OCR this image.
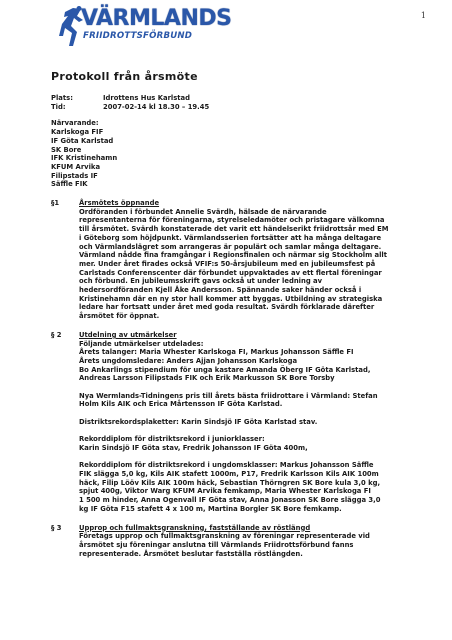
1
VÄRMLANDS
FRIIDROTTSFÖRBUND
Protokoll från årsmöte
Plats:	Idrottens Hus Karlstad
Tid:	2007-02-14 kl 18.30 – 19.45
Närvarande:
Karlskoga FIF
IF Göta Karlstad
SK Bore
IFK Kristinehamn
KFUM Arvika
Filipstads IF
Säffle FIK
§1	Årsmötets öppnande
Ordföranden i förbundet Annelie Svärdh, hälsade de närvarande
representanterna för föreningarna, styrelseledamöter och pristagare välkomna
till årsmötet. Svärdh konstaterade det varit ett händelserikt friidrottsår med EM
i Göteborg som höjdpunkt. Värmlandsserien fortsätter att ha många deltagare
och Värmlandslägret som arrangeras är populärt och samlar många deltagare.
Värmland nådde fina framgångar i Regionsfinalen och närmar sig Stockholm allt
mer. Under året firades också VFIF:s 50-årsjubileum med en jubileumsfest på
Carlstads Conferenscenter där förbundet uppvaktades av ett flertal föreningar
och förbund. En jubileumsskrift gavs också ut under ledning av
hedersordföranden Kjell Åke Andersson. Spännande saker händer också i
Kristinehamn där en ny stor hall kommer att byggas. Utbildning av strategiska
ledare har fortsatt under året med goda resultat. Svärdh förklarade därefter
årsmötet för öppnat.
§ 2	Utdelning av utmärkelser
Följande utmärkelser utdelades:
Årets talanger: Maria Whester Karlskoga FI, Markus Johansson Säffle FI
Årets ungdomsledare: Anders Ajjan Johansson Karlskoga
Bo Ankarlings stipendium för unga kastare Amanda Öberg IF Göta Karlstad,
Andreas Larsson Filipstads FIK och Erik Markusson SK Bore Torsby
Nya Wermlands-Tidningens pris till årets bästa friidrottare i Värmland: Stefan
Holm Kils AIK och Erica Mårtensson IF Göta Karlstad.
Distriktsrekordsplaketter: Karin Sindsjö IF Göta Karlstad stav.
Rekorddiplom för distriktsrekord i juniorklasser:
Karin Sindsjö IF Göta stav, Fredrik Johansson IF Göta 400m,
Rekorddiplom för distriktsrekord i ungdomsklasser: Markus Johansson Säffle
FIK slägga 5,0 kg, Kils AIK stafett 1000m, P17, Fredrik Karlsson Kils AIK 100m
häck, Filip Lööv Kils AIK 100m häck, Sebastian Thörngren SK Bore kula 3,0 kg,
spjut 400g, Viktor Warg KFUM Arvika femkamp, Maria Whester Karlskoga FI
1 500 m hinder, Anna Ogenvall IF Göta stav, Anna Jonasson SK Bore slägga 3,0
kg IF Göta F15 stafett 4 x 100 m, Martina Borgler SK Bore femkamp.
§ 3	Upprop och fullmaktsgranskning, fastställande av röstlängd
Företags upprop och fullmaktsgranskning av föreningar representerade vid
årsmötet sju föreningar anslutna till Värmlands Friidrottsförbund fanns
representerade. Årsmötet beslutar fastställa röstlängden.
